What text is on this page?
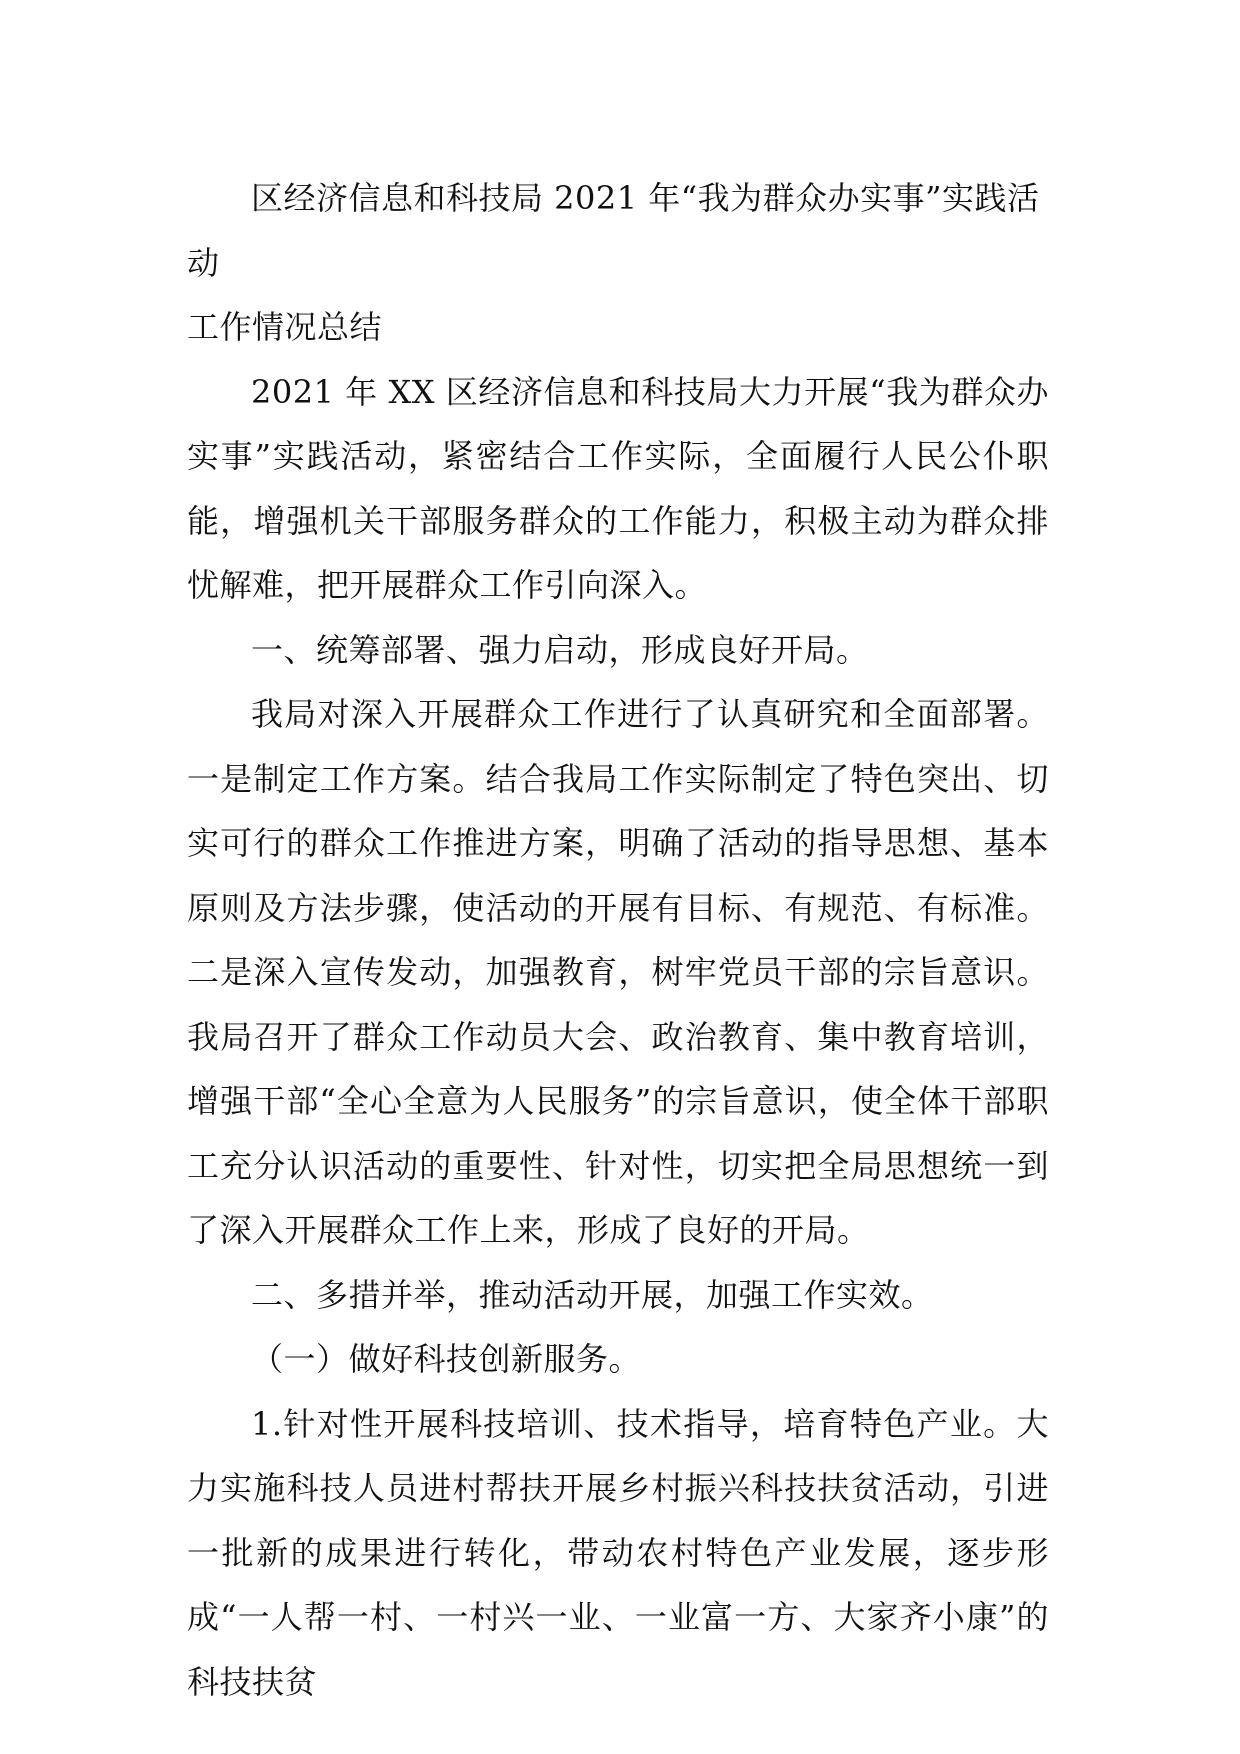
区经济信息和科技局 2021 年“我为群众办实事”实践活动
工作情况总结

2021 年 XX 区经济信息和科技局大力开展“我为群众办实事”实践活动，紧密结合工作实际，全面履行人民公仆职能，增强机关干部服务群众的工作能力，积极主动为群众排忧解难，把开展群众工作引向深入。

一、统筹部署、强力启动，形成良好开局。

我局对深入开展群众工作进行了认真研究和全面部署。一是制定工作方案。结合我局工作实际制定了特色突出、切实可行的群众工作推进方案，明确了活动的指导思想、基本原则及方法步骤，使活动的开展有目标、有规范、有标准。二是深入宣传发动，加强教育，树牢党员干部的宗旨意识。我局召开了群众工作动员大会、政治教育、集中教育培训，增强干部“全心全意为人民服务”的宗旨意识，使全体干部职工充分认识活动的重要性、针对性，切实把全局思想统一到了深入开展群众工作上来，形成了良好的开局。

二、多措并举，推动活动开展，加强工作实效。

（一）做好科技创新服务。

1.针对性开展科技培训、技术指导，培育特色产业。大力实施科技人员进村帮扶开展乡村振兴科技扶贫活动，引进一批新的成果进行转化，带动农村特色产业发展，逐步形成“一人帮一村、一村兴一业、一业富一方、大家齐小康”的科技扶贫
